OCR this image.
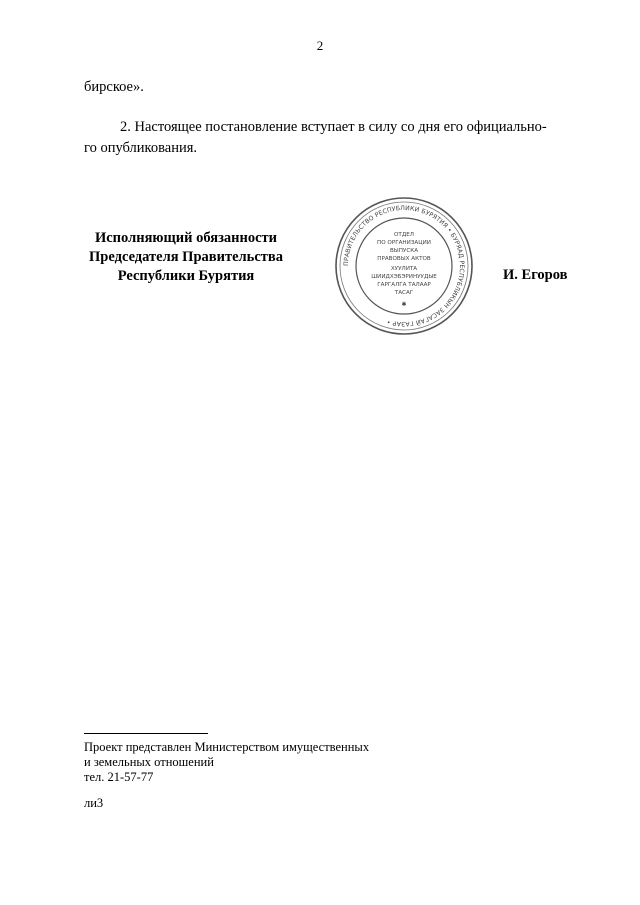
2
бирское».
2. Настоящее постановление вступает в силу со дня его официально-
го опубликования.
Исполняющий обязанности
Председателя Правительства
Республики Бурятия
ПРАВИТЕЛЬСТВО РЕСПУБЛИКИ БУРЯТИЯ • БУРЯАД РЕСПУБЛИКЫН ЗАСАГАЙ ГАЗАР •
ОТДЕЛ
ПО ОРГАНИЗАЦИИ
ВЫПУСКА
ПРАВОВЫХ АКТОВ
ХУУЛИТА
ШИИДХЭБЭРИНУУДЫЕ
ГАРГАЛГА ТАЛААР
ТАСАГ
✱
И. Егоров
Проект представлен Министерством имущественных
и земельных отношений
тел. 21-57-77
ли3
